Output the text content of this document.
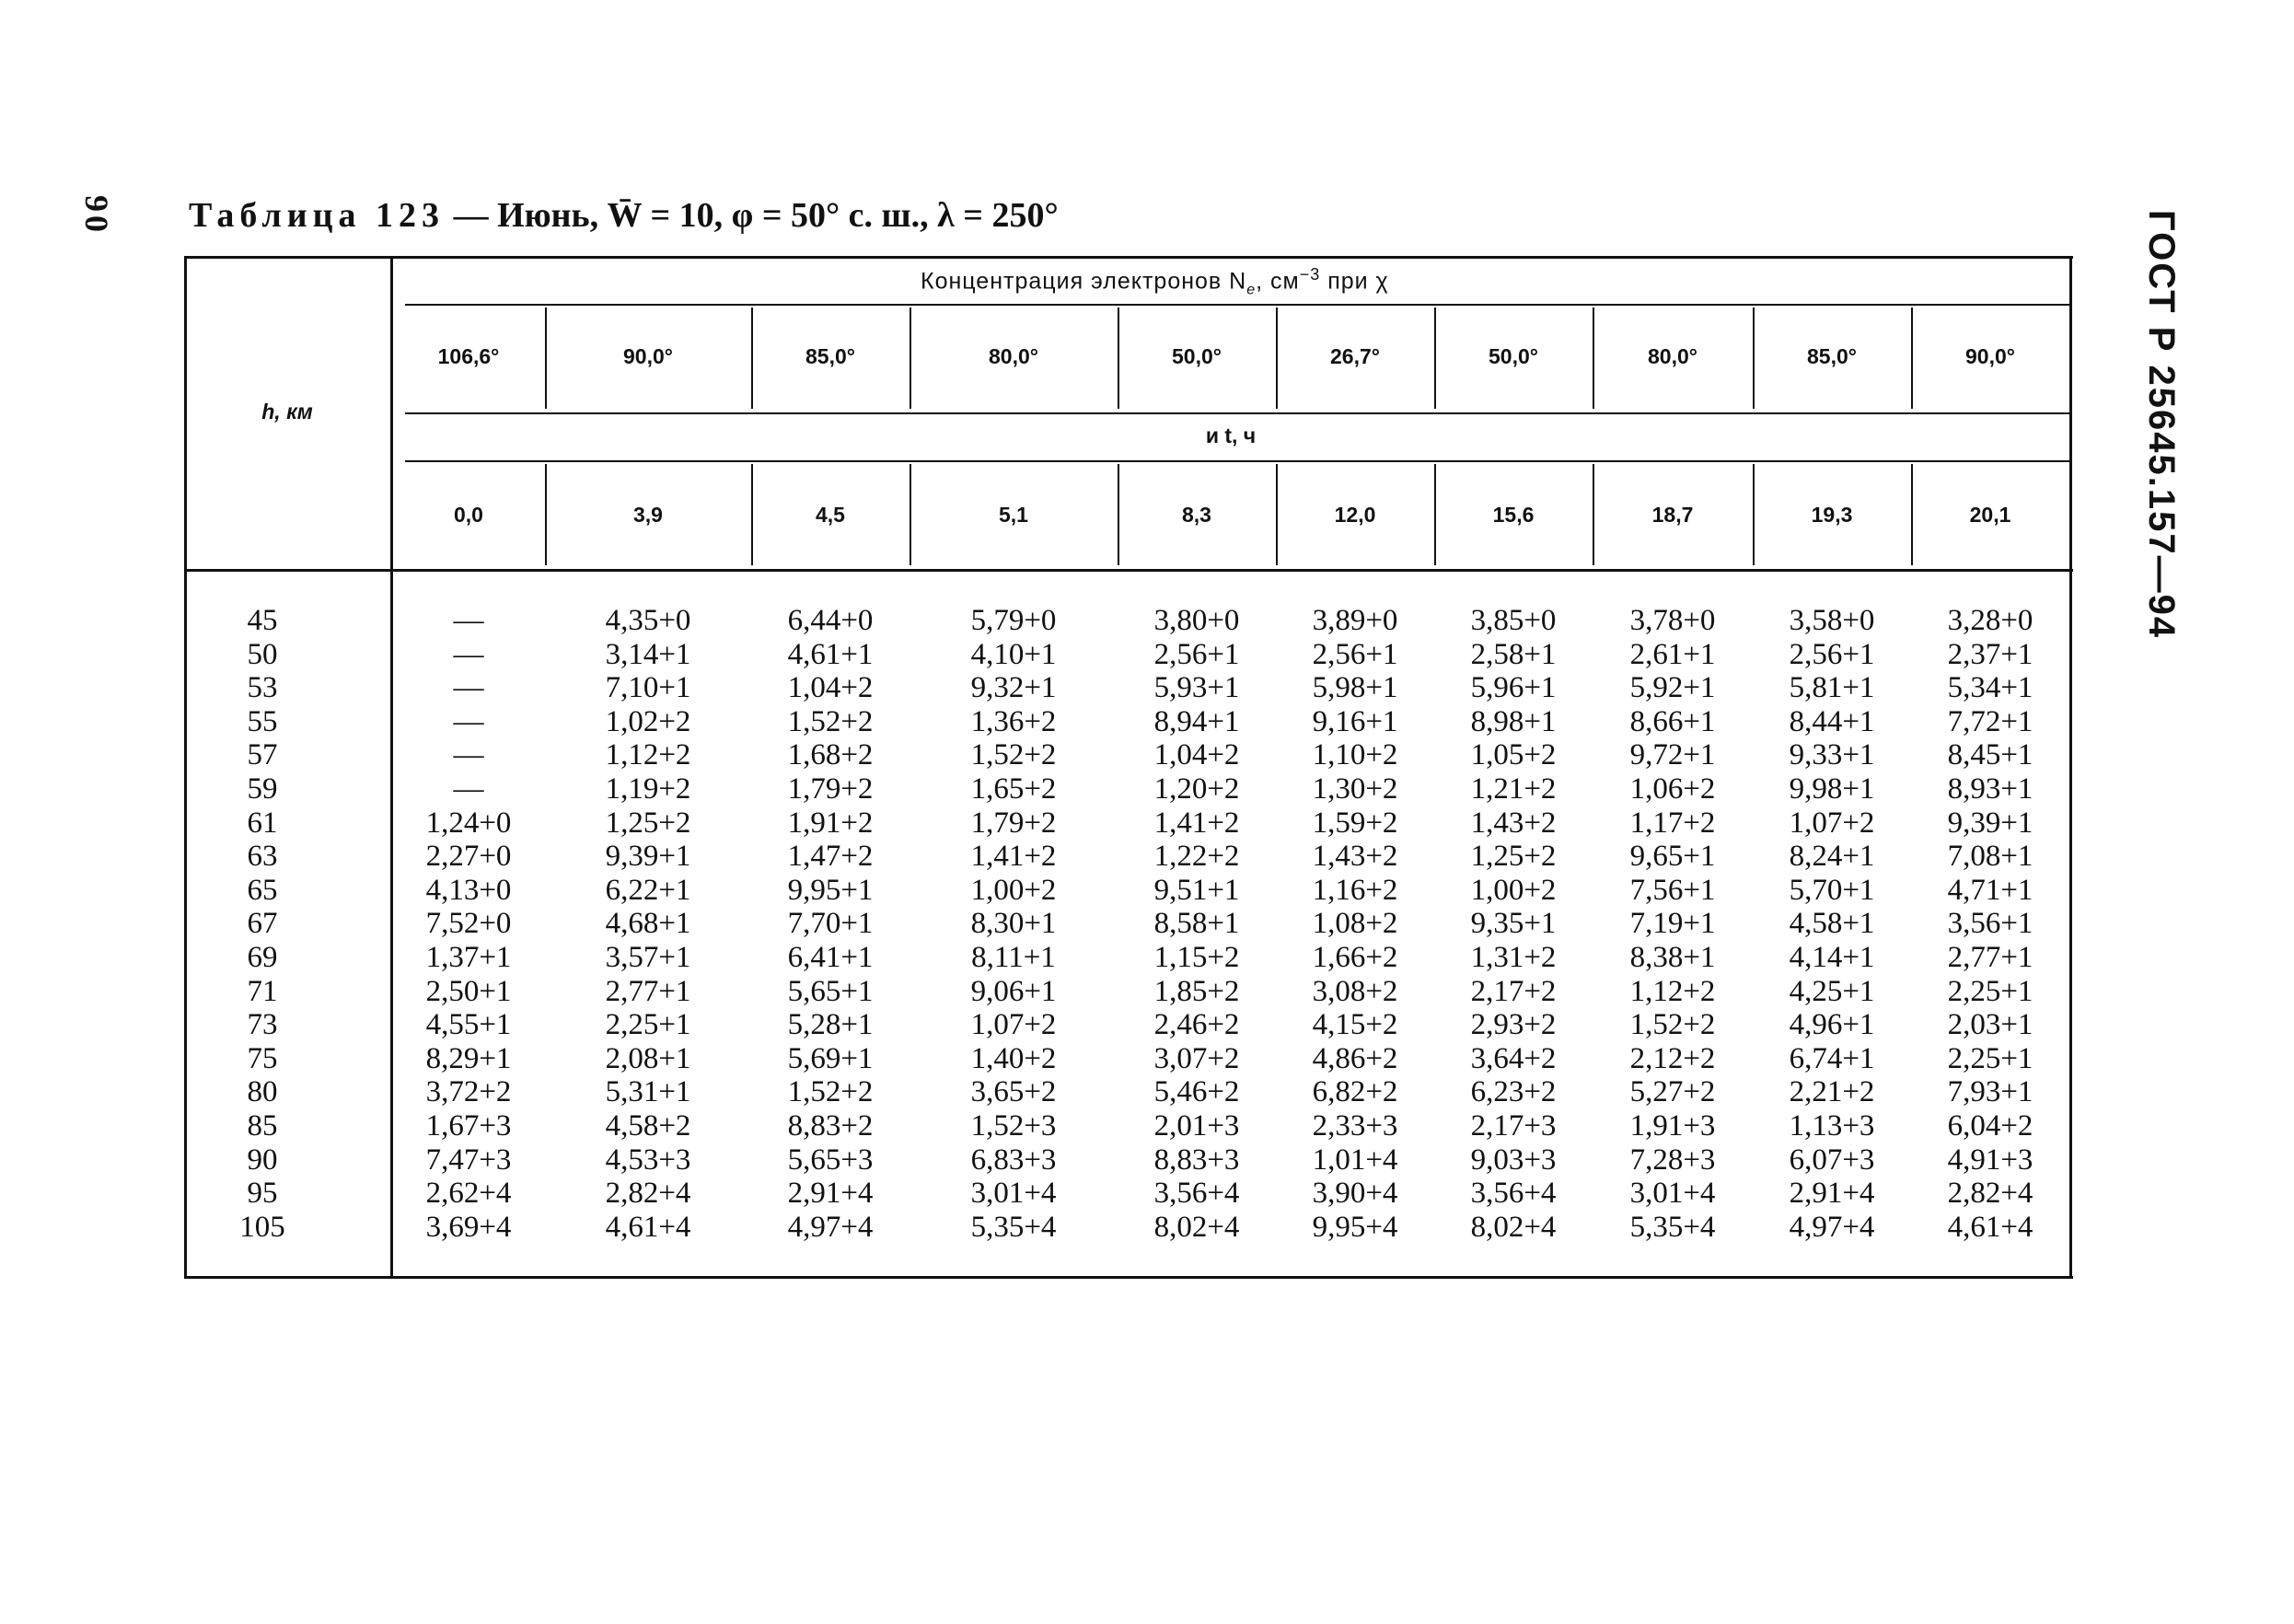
90 Таблица 123 — Июнь, W̄ = 10, φ = 50° с. ш., λ = 250°	ГОСТ Р 25645.157—94
Концентрация электронов $N_e$, $см^{-3}$ при χ
h, км
и t, ч
106,6°	90,0°	85,0°	80,0°	50,0°	26,7°	50,0°	80,0°	85,0°	90,0°
0,0	3,9	4,5	5,1	8,3	12,0	15,6	18,7	19,3	20,1
45	—	4,35+0	6,44+0	5,79+0	3,80+0	3,89+0	3,85+0	3,78+0	3,58+0	3,28+0
50	—	3,14+1	4,61+1	4,10+1	2,56+1	2,56+1	2,58+1	2,61+1	2,56+1	2,37+1
53	—	7,10+1	1,04+2	9,32+1	5,93+1	5,98+1	5,96+1	5,92+1	5,81+1	5,34+1
55	—	1,02+2	1,52+2	1,36+2	8,94+1	9,16+1	8,98+1	8,66+1	8,44+1	7,72+1
57	—	1,12+2	1,68+2	1,52+2	1,04+2	1,10+2	1,05+2	9,72+1	9,33+1	8,45+1
59	—	1,19+2	1,79+2	1,65+2	1,20+2	1,30+2	1,21+2	1,06+2	9,98+1	8,93+1
61	1,24+0	1,25+2	1,91+2	1,79+2	1,41+2	1,59+2	1,43+2	1,17+2	1,07+2	9,39+1
63	2,27+0	9,39+1	1,47+2	1,41+2	1,22+2	1,43+2	1,25+2	9,65+1	8,24+1	7,08+1
65	4,13+0	6,22+1	9,95+1	1,00+2	9,51+1	1,16+2	1,00+2	7,56+1	5,70+1	4,71+1
67	7,52+0	4,68+1	7,70+1	8,30+1	8,58+1	1,08+2	9,35+1	7,19+1	4,58+1	3,56+1
69	1,37+1	3,57+1	6,41+1	8,11+1	1,15+2	1,66+2	1,31+2	8,38+1	4,14+1	2,77+1
71	2,50+1	2,77+1	5,65+1	9,06+1	1,85+2	3,08+2	2,17+2	1,12+2	4,25+1	2,25+1
73	4,55+1	2,25+1	5,28+1	1,07+2	2,46+2	4,15+2	2,93+2	1,52+2	4,96+1	2,03+1
75	8,29+1	2,08+1	5,69+1	1,40+2	3,07+2	4,86+2	3,64+2	2,12+2	6,74+1	2,25+1
80	3,72+2	5,31+1	1,52+2	3,65+2	5,46+2	6,82+2	6,23+2	5,27+2	2,21+2	7,93+1
85	1,67+3	4,58+2	8,83+2	1,52+3	2,01+3	2,33+3	2,17+3	1,91+3	1,13+3	6,04+2
90	7,47+3	4,53+3	5,65+3	6,83+3	8,83+3	1,01+4	9,03+3	7,28+3	6,07+3	4,91+3
95	2,62+4	2,82+4	2,91+4	3,01+4	3,56+4	3,90+4	3,56+4	3,01+4	2,91+4	2,82+4
105	3,69+4	4,61+4	4,97+4	5,35+4	8,02+4	9,95+4	8,02+4	5,35+4	4,97+4	4,61+4
